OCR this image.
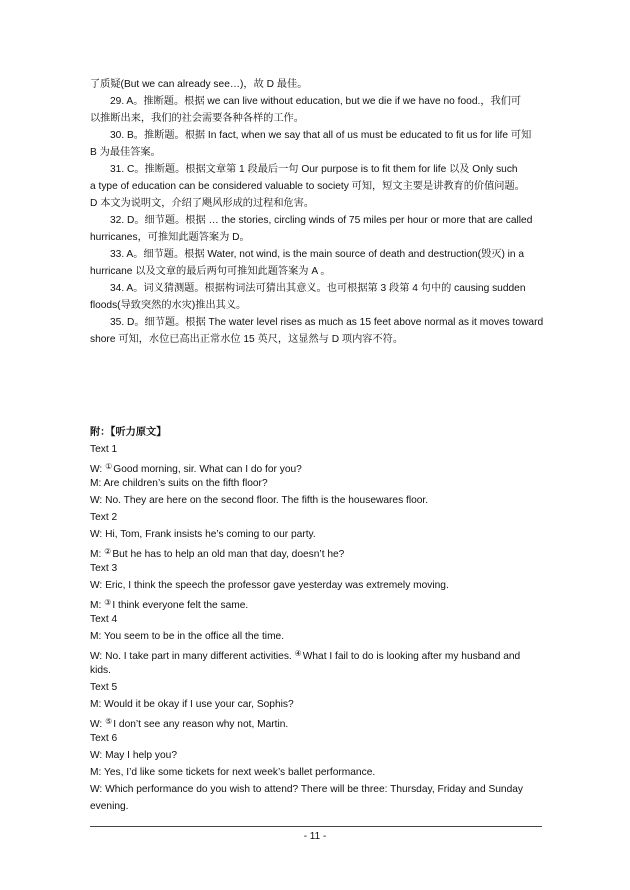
了质疑(But we can already see…)，故 D 最佳。
29. A。推断题。根据 we can live without education, but we die if we have no food.，我们可
以推断出来，我们的社会需要各种各样的工作。
30. B。推断题。根据 In fact, when we say that all of us must be educated to fit us for life 可知
B 为最佳答案。
31. C。推断题。根据文章第 1 段最后一句 Our purpose is to fit them for life 以及 Only such
a type of education can be considered valuable to society 可知，短文主要是讲教育的价值问题。
D 本文为说明文，介绍了飓风形成的过程和危害。
32. D。细节题。根据 … the stories, circling winds of 75 miles per hour or more that are called
hurricanes，可推知此题答案为 D。
33. A。细节题。根据 Water, not wind, is the main source of death and destruction(毁灭) in a
hurricane 以及文章的最后两句可推知此题答案为 A 。
34. A。词义猜测题。根据构词法可猜出其意义。也可根据第 3 段第 4 句中的 causing sudden
floods(导致突然的水灾)推出其义。
35. D。细节题。根据 The water level rises as much as 15 feet above normal as it moves toward
shore 可知，水位已高出正常水位 15 英尺，这显然与 D 项内容不符。
附：【听力原文】
Text 1
W: ①Good morning, sir. What can I do for you?
M: Are children’s suits on the fifth floor?
W: No. They are here on the second floor. The fifth is the housewares floor.
Text 2
W: Hi, Tom, Frank insists he’s coming to our party.
M: ②But he has to help an old man that day, doesn’t he?
Text 3
W: Eric, I think the speech the professor gave yesterday was extremely moving.
M: ③I think everyone felt the same.
Text 4
M: You seem to be in the office all the time.
W: No. I take part in many different activities. ④What I fail to do is looking after my husband and
kids.
Text 5
M: Would it be okay if I use your car, Sophis?
W: ⑤I don’t see any reason why not, Martin.
Text 6
W: May I help you?
M: Yes, I’d like some tickets for next week’s ballet performance.
W: Which performance do you wish to attend? There will be three: Thursday, Friday and Sunday
evening.
- 11 -
